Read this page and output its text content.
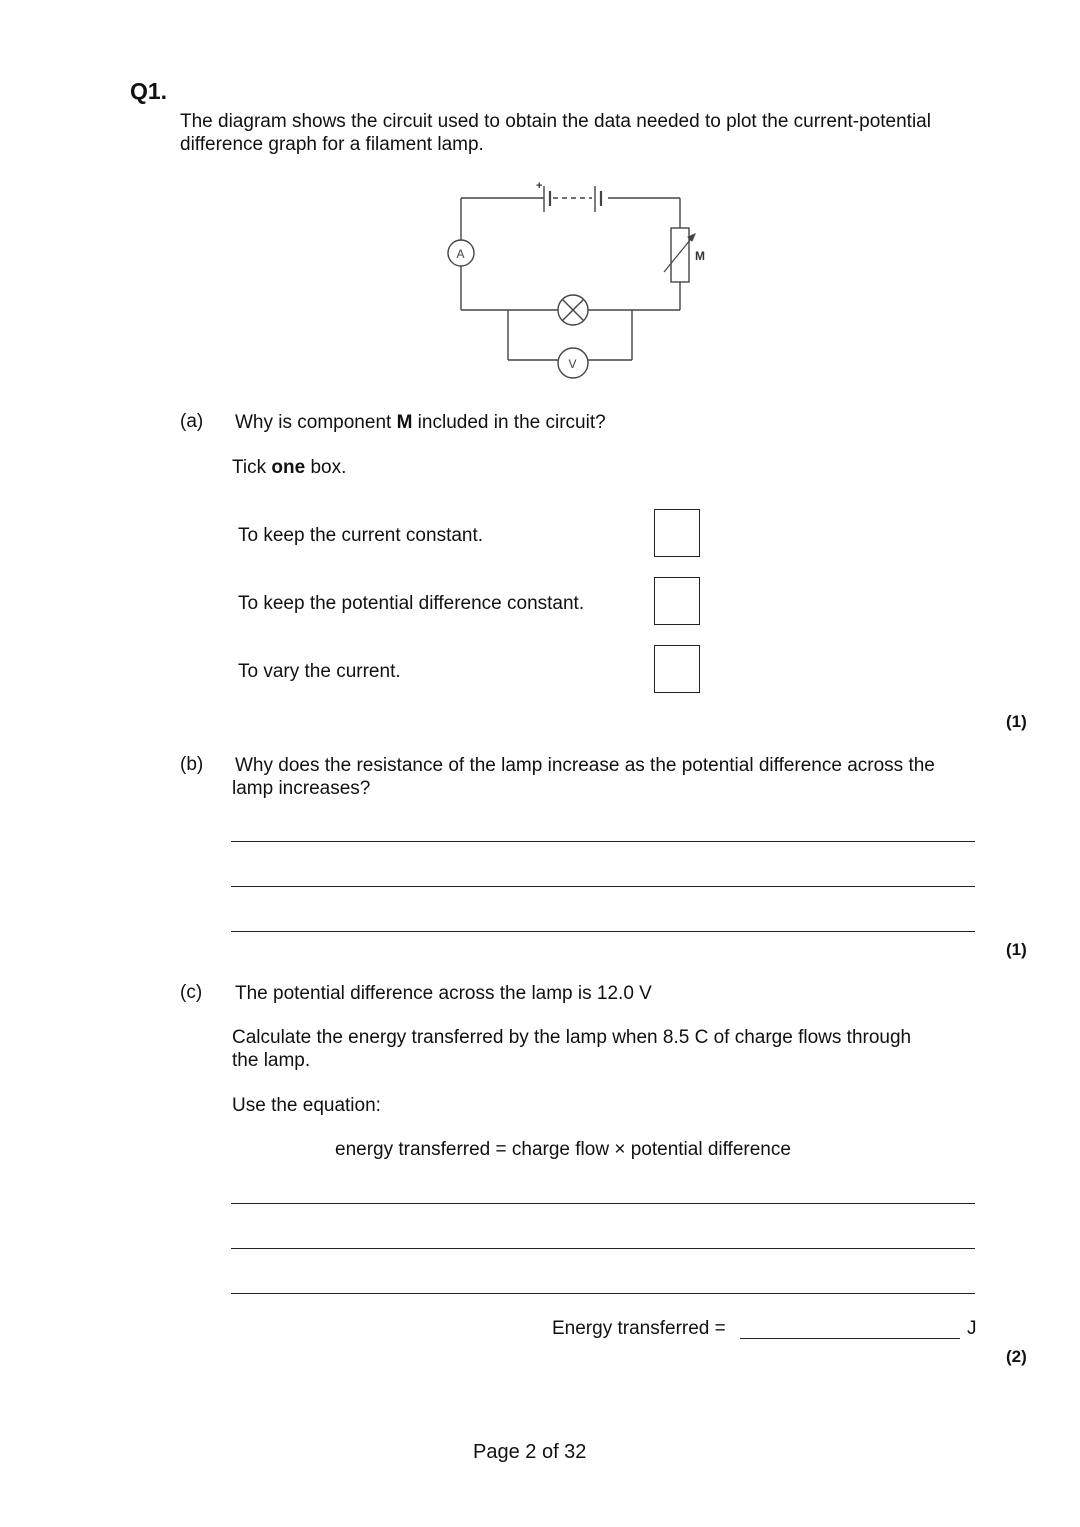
Q1.
The diagram shows the circuit used to obtain the data needed to plot the current-potential
difference graph for a filament lamp.
+
A	M
V
(a) Why is component M included in the circuit?
Tick one box.
To keep the current constant.
To keep the potential difference constant.
To vary the current.
(1)
(b) Why does the resistance of the lamp increase as the potential difference across the
lamp increases?
(1)
(c) The potential difference across the lamp is 12.0 V
Calculate the energy transferred by the lamp when 8.5 C of charge flows through
the lamp.
Use the equation:
energy transferred = charge flow × potential difference
Energy transferred =	J
(2)
Page 2 of 32
